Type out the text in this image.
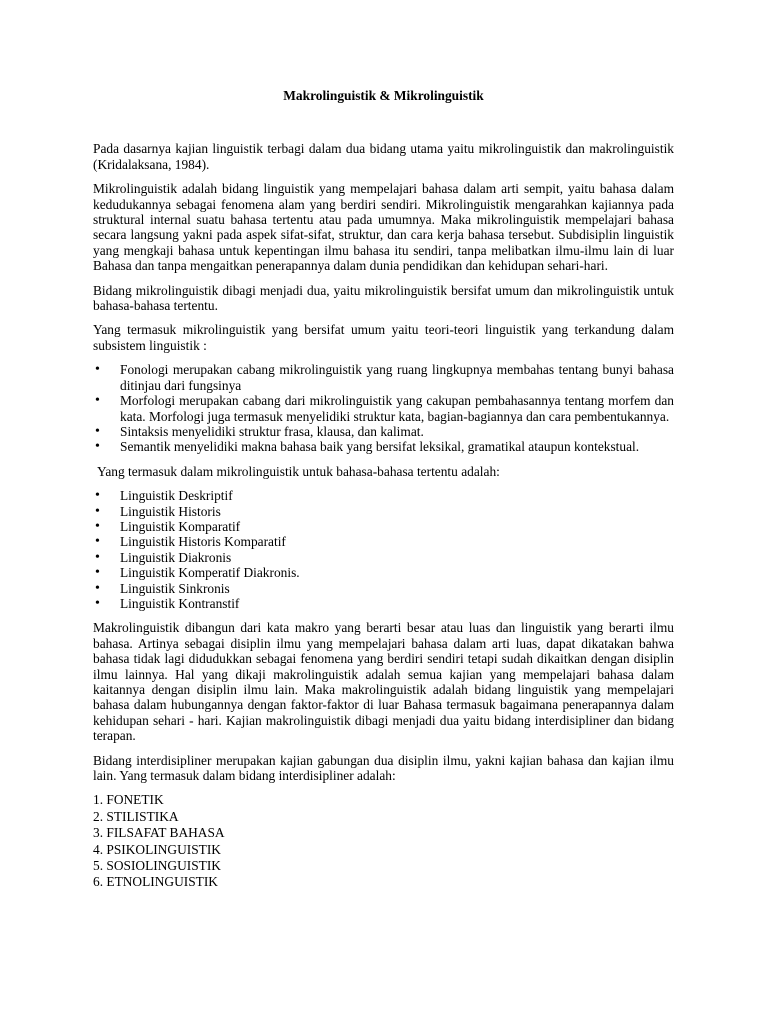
Makrolinguistik & Mikrolinguistik

Pada dasarnya kajian linguistik terbagi dalam dua bidang utama yaitu mikrolinguistik dan makrolinguistik (Kridalaksana, 1984).

Mikrolinguistik adalah bidang linguistik yang mempelajari bahasa dalam arti sempit, yaitu bahasa dalam kedudukannya sebagai fenomena alam yang berdiri sendiri. Mikrolinguistik mengarahkan kajiannya pada struktural internal suatu bahasa tertentu atau pada umumnya. Maka mikrolinguistik mempelajari bahasa secara langsung yakni pada aspek sifat-sifat, struktur, dan cara kerja bahasa tersebut. Subdisiplin linguistik yang mengkaji bahasa untuk kepentingan ilmu bahasa itu sendiri, tanpa melibatkan ilmu-ilmu lain di luar Bahasa dan tanpa mengaitkan penerapannya dalam dunia pendidikan dan kehidupan sehari-hari.

Bidang mikrolinguistik dibagi menjadi dua, yaitu mikrolinguistik bersifat umum dan mikrolinguistik untuk bahasa-bahasa tertentu.

Yang termasuk mikrolinguistik yang bersifat umum yaitu teori-teori linguistik yang terkandung dalam subsistem linguistik :

• Fonologi merupakan cabang mikrolinguistik yang ruang lingkupnya membahas tentang bunyi bahasa ditinjau dari fungsinya
• Morfologi merupakan cabang dari mikrolinguistik yang cakupan pembahasannya tentang morfem dan kata. Morfologi juga termasuk menyelidiki struktur kata, bagian-bagiannya dan cara pembentukannya.
• Sintaksis menyelidiki struktur frasa, klausa, dan kalimat.
• Semantik menyelidiki makna bahasa baik yang bersifat leksikal, gramatikal ataupun kontekstual.

Yang termasuk dalam mikrolinguistik untuk bahasa-bahasa tertentu adalah:

• Linguistik Deskriptif
• Linguistik Historis
• Linguistik Komparatif
• Linguistik Historis Komparatif
• Linguistik Diakronis
• Linguistik Komperatif Diakronis.
• Linguistik Sinkronis
• Linguistik Kontranstif

Makrolinguistik dibangun dari kata makro yang berarti besar atau luas dan linguistik yang berarti ilmu bahasa. Artinya sebagai disiplin ilmu yang mempelajari bahasa dalam arti luas, dapat dikatakan bahwa bahasa tidak lagi didudukkan sebagai fenomena yang berdiri sendiri tetapi sudah dikaitkan dengan disiplin ilmu lainnya. Hal yang dikaji makrolinguistik adalah semua kajian yang mempelajari bahasa dalam kaitannya dengan disiplin ilmu lain. Maka makrolinguistik adalah bidang linguistik yang mempelajari bahasa dalam hubungannya dengan faktor-faktor di luar Bahasa termasuk bagaimana penerapannya dalam kehidupan sehari - hari. Kajian makrolinguistik dibagi menjadi dua yaitu bidang interdisipliner dan bidang terapan.

Bidang interdisipliner merupakan kajian gabungan dua disiplin ilmu, yakni kajian bahasa dan kajian ilmu lain. Yang termasuk dalam bidang interdisipliner adalah:

1. FONETIK
2. STILISTIKA
3. FILSAFAT BAHASA
4. PSIKOLINGUISTIK
5. SOSIOLINGUISTIK
6. ETNOLINGUISTIK
